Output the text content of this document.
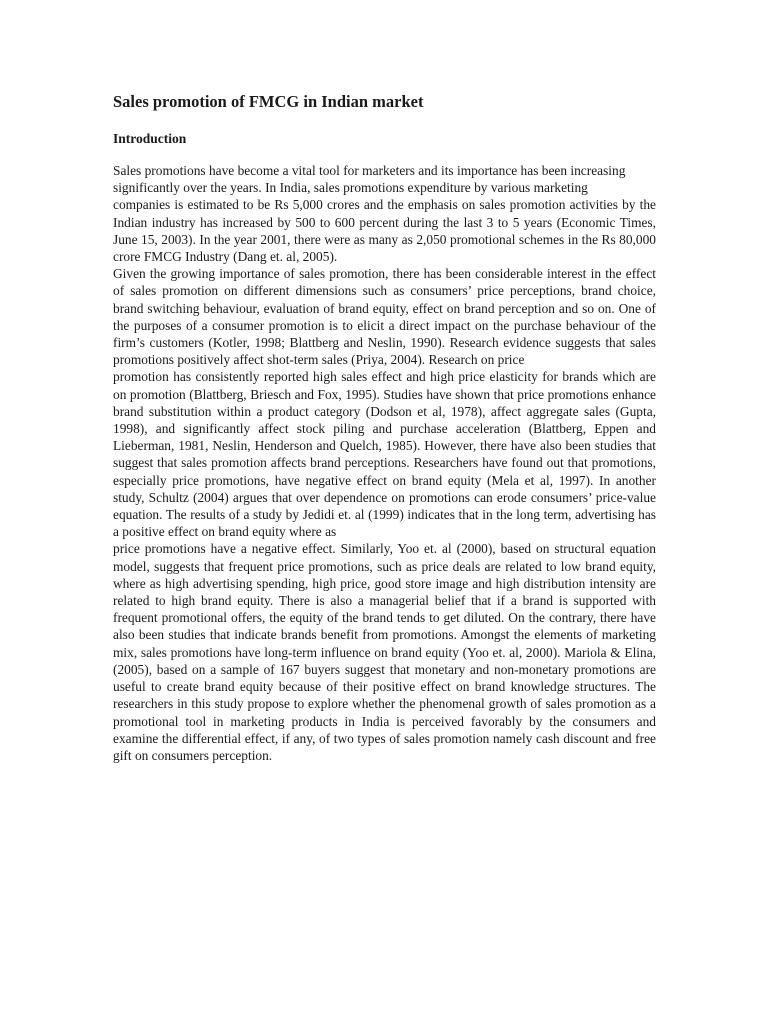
Sales promotion of FMCG in Indian market
Introduction

Sales promotions have become a vital tool for marketers and its importance has been increasing significantly over the years. In India, sales promotions expenditure by various marketing

companies is estimated to be Rs 5,000 crores and the emphasis on sales promotion activities by the Indian industry has increased by 500 to 600 percent during the last 3 to 5 years (Economic Times, June 15, 2003). In the year 2001, there were as many as 2,050 promotional schemes in the Rs 80,000 crore FMCG Industry (Dang et. al, 2005).

Given the growing importance of sales promotion, there has been considerable interest in the effect of sales promotion on different dimensions such as consumers’ price perceptions, brand choice, brand switching behaviour, evaluation of brand equity, effect on brand perception and so on. One of the purposes of a consumer promotion is to elicit a direct impact on the purchase behaviour of the firm’s customers (Kotler, 1998; Blattberg and Neslin, 1990). Research evidence suggests that sales promotions positively affect shot-term sales (Priya, 2004). Research on price

promotion has consistently reported high sales effect and high price elasticity for brands which are on promotion (Blattberg, Briesch and Fox, 1995). Studies have shown that price promotions enhance brand substitution within a product category (Dodson et al, 1978), affect aggregate sales (Gupta, 1998), and significantly affect stock piling and purchase acceleration (Blattberg, Eppen and Lieberman, 1981, Neslin, Henderson and Quelch, 1985). However, there have also been studies that suggest that sales promotion affects brand perceptions. Researchers have found out that promotions, especially price promotions, have negative effect on brand equity (Mela et al, 1997). In another study, Schultz (2004) argues that over dependence on promotions can erode consumers’ price-value equation. The results of a study by Jedidi et. al (1999) indicates that in the long term, advertising has a positive effect on brand equity where as

price promotions have a negative effect. Similarly, Yoo et. al (2000), based on structural equation model, suggests that frequent price promotions, such as price deals are related to low brand equity, where as high advertising spending, high price, good store image and high distribution intensity are related to high brand equity. There is also a managerial belief that if a brand is supported with frequent promotional offers, the equity of the brand tends to get diluted. On the contrary, there have also been studies that indicate brands benefit from promotions. Amongst the elements of marketing mix, sales promotions have long-term influence on brand equity (Yoo et. al, 2000). Mariola & Elina, (2005), based on a sample of 167 buyers suggest that monetary and non-monetary promotions are useful to create brand equity because of their positive effect on brand knowledge structures. The researchers in this study propose to explore whether the phenomenal growth of sales promotion as a promotional tool in marketing products in India is perceived favorably by the consumers and examine the differential effect, if any, of two types of sales promotion namely cash discount and free gift on consumers perception.
